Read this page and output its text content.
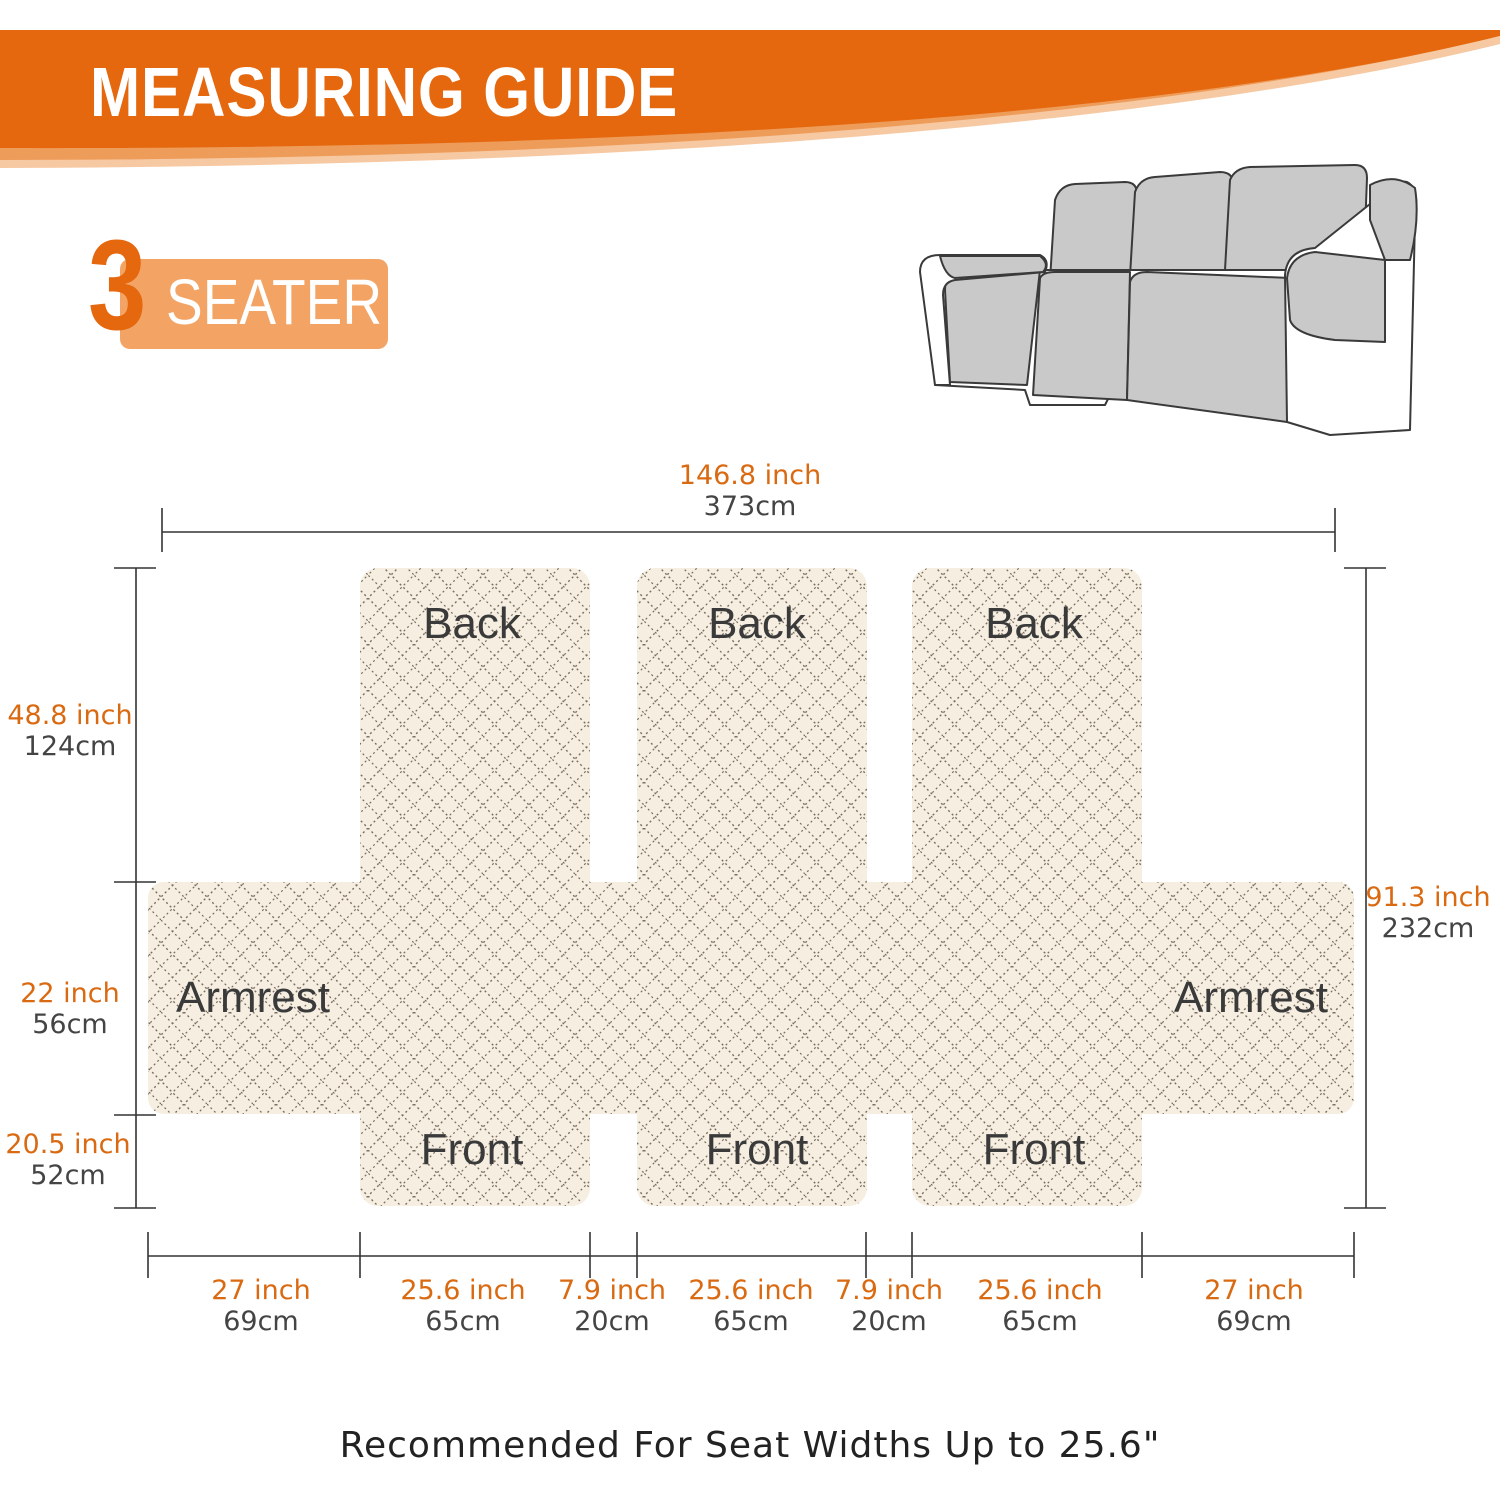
MEASURING GUIDE
3 SEATER
Back	Back	Back
Armrest	Armrest
Front	Front	Front
146.8 inch
373cm
48.8 inch
124cm
22 inch
56cm
20.5 inch
52cm
91.3 inch
232cm
27 inch
69cm
25.6 inch
65cm
7.9 inch
20cm
25.6 inch
65cm
7.9 inch
20cm
25.6 inch
65cm
27 inch
69cm
Recommended For Seat Widths Up to 25.6"
